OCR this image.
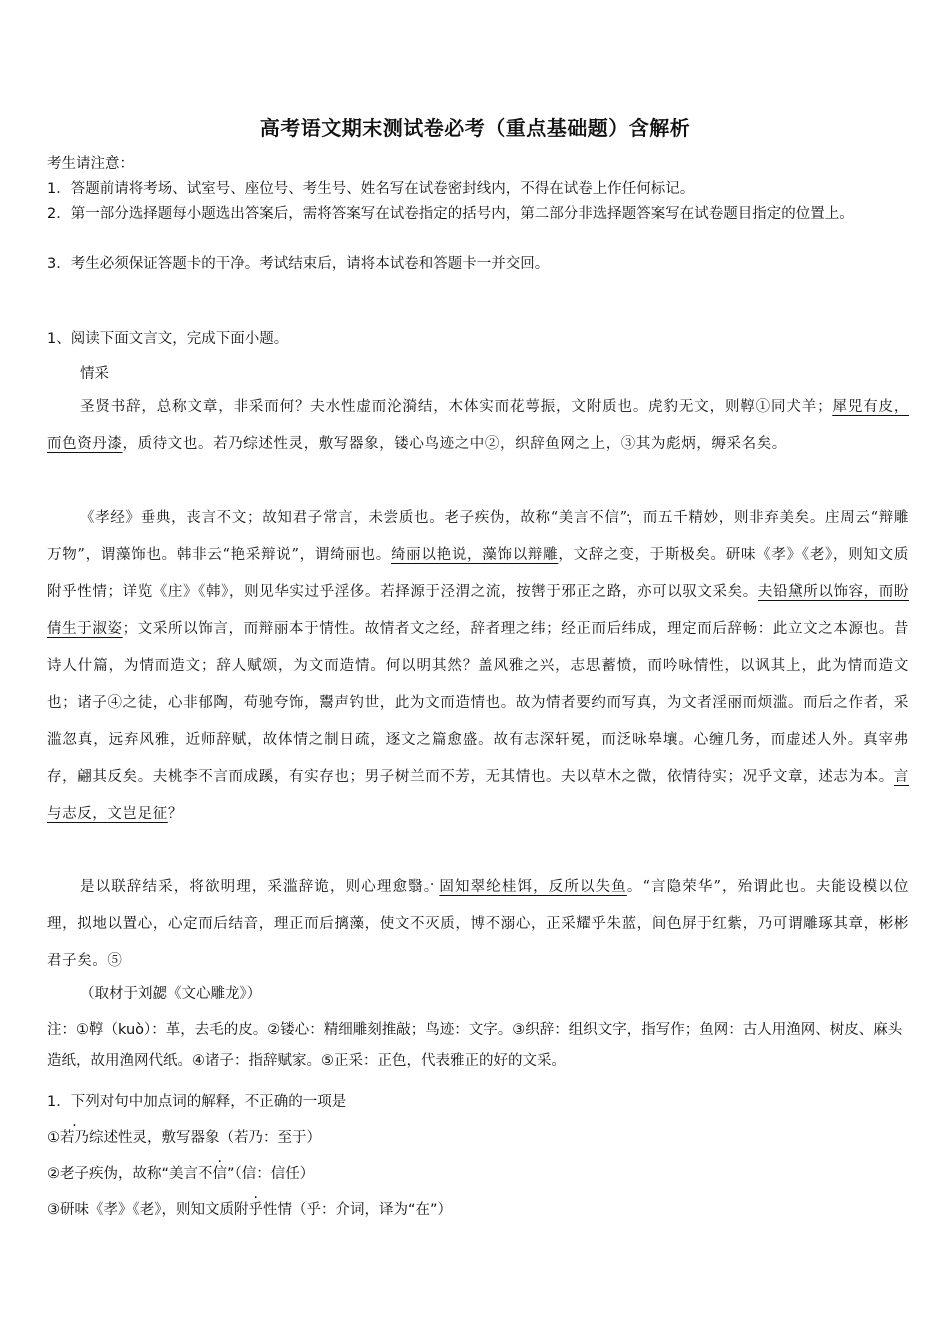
高考语文期末测试卷必考（重点基础题）含解析
考生请注意：
1．答题前请将考场、试室号、座位号、考生号、姓名写在试卷密封线内，不得在试卷上作任何标记。
2．第一部分选择题每小题选出答案后，需将答案写在试卷指定的括号内，第二部分非选择题答案写在试卷题目指定的位置上。
3．考生必须保证答题卡的干净。考试结束后，请将本试卷和答题卡一并交回。
1、阅读下面文言文，完成下面小题。
情采
圣贤书辞，总称文章，非采而何？夫水性虚而沦漪结，木体实而花萼振，文附质也。虎豹无文，则鞟①同犬羊；犀兕有皮，而色资丹漆，质待文也。若乃 ·综述性灵，敷写器象，镂心鸟迹之中②，织辞鱼网之上，③其为彪炳，缛采名矣。
《孝经》垂典，丧言不文；故知君子常言，未尝质也。老子疾伪，故称“美言不信 ·”，而五千精妙，则非弃美矣。庄周云“辩雕万物”，谓藻饰也。韩非云“艳采辩说”，谓绮丽也。绮丽以艳说，藻饰以辩雕，文辞之变，于斯极矣。研味《孝》《老》，则知文质附乎 ·性情；详览《庄》《韩》，则见华实过乎淫侈。若择源于泾渭之流，按辔于邪正之路，亦可以驭文采矣。夫铅黛所以饰容，而盼倩生于淑姿；文采所以饰言，而辩丽本于情性。故情者文之经，辞者理之纬；经正而后纬成，理定而后辞畅：此立文之本源也。昔诗人什篇，为情而造文；辞人赋颂，为文而造情。何以明其然？盖风雅之兴，志思蓄愤，而吟咏情性，以讽其上，此为情而造文也；诸子④之徒，心非郁 ·陶，苟驰夸饰，鬻声钓世，此为文而造情也。故为情者要约而写真，为文者淫 ·丽而烦滥。而后之作者，采滥忽真，远弃风雅，近师辞赋，故体情之制日疏，逐文之篇愈盛。故有志深轩冕，而 ·泛咏皋壤。心缠几务，而虚述人外。真宰弗存，翩其反矣。夫桃李不言而成蹊，有实存也；男子树兰而不芳，无其情也。夫以草木之微，依情待实；况乎文章，述志为本。言与志反，文岂足征？
是以联辞结采，将欲明理，采滥辞诡，则心理愈翳 ·。固知翠纶桂饵，反所以失鱼。“言隐荣华”，殆谓此也。夫能设模以位理，拟地以置心，心定而后结音，理正而后摛 ·藻，使文不灭质，博不溺心，正采耀乎朱蓝，间色屏于红紫，乃可谓雕琢其章，彬彬君子矣。⑤
（取材于刘勰《文心雕龙》）
注：①鞟（kuò）：革，去毛的皮。②镂心：精细雕刻推敲；鸟迹：文字。③织辞：组织文字，指写作；鱼网：古人用渔网、树皮、麻头造纸，故用渔网代纸。④诸子：指辞赋家。⑤正采：正色，代表雅正的好的文采。
1．下列对句中加点词的解释，不正确的一项是
①若乃综述性灵，敷写器象（若乃：至于）
②老子疾伪，故称“美言不信”（信：信任）
③研味《孝》《老》，则知文质附乎性情（乎：介词，译为“在”）
